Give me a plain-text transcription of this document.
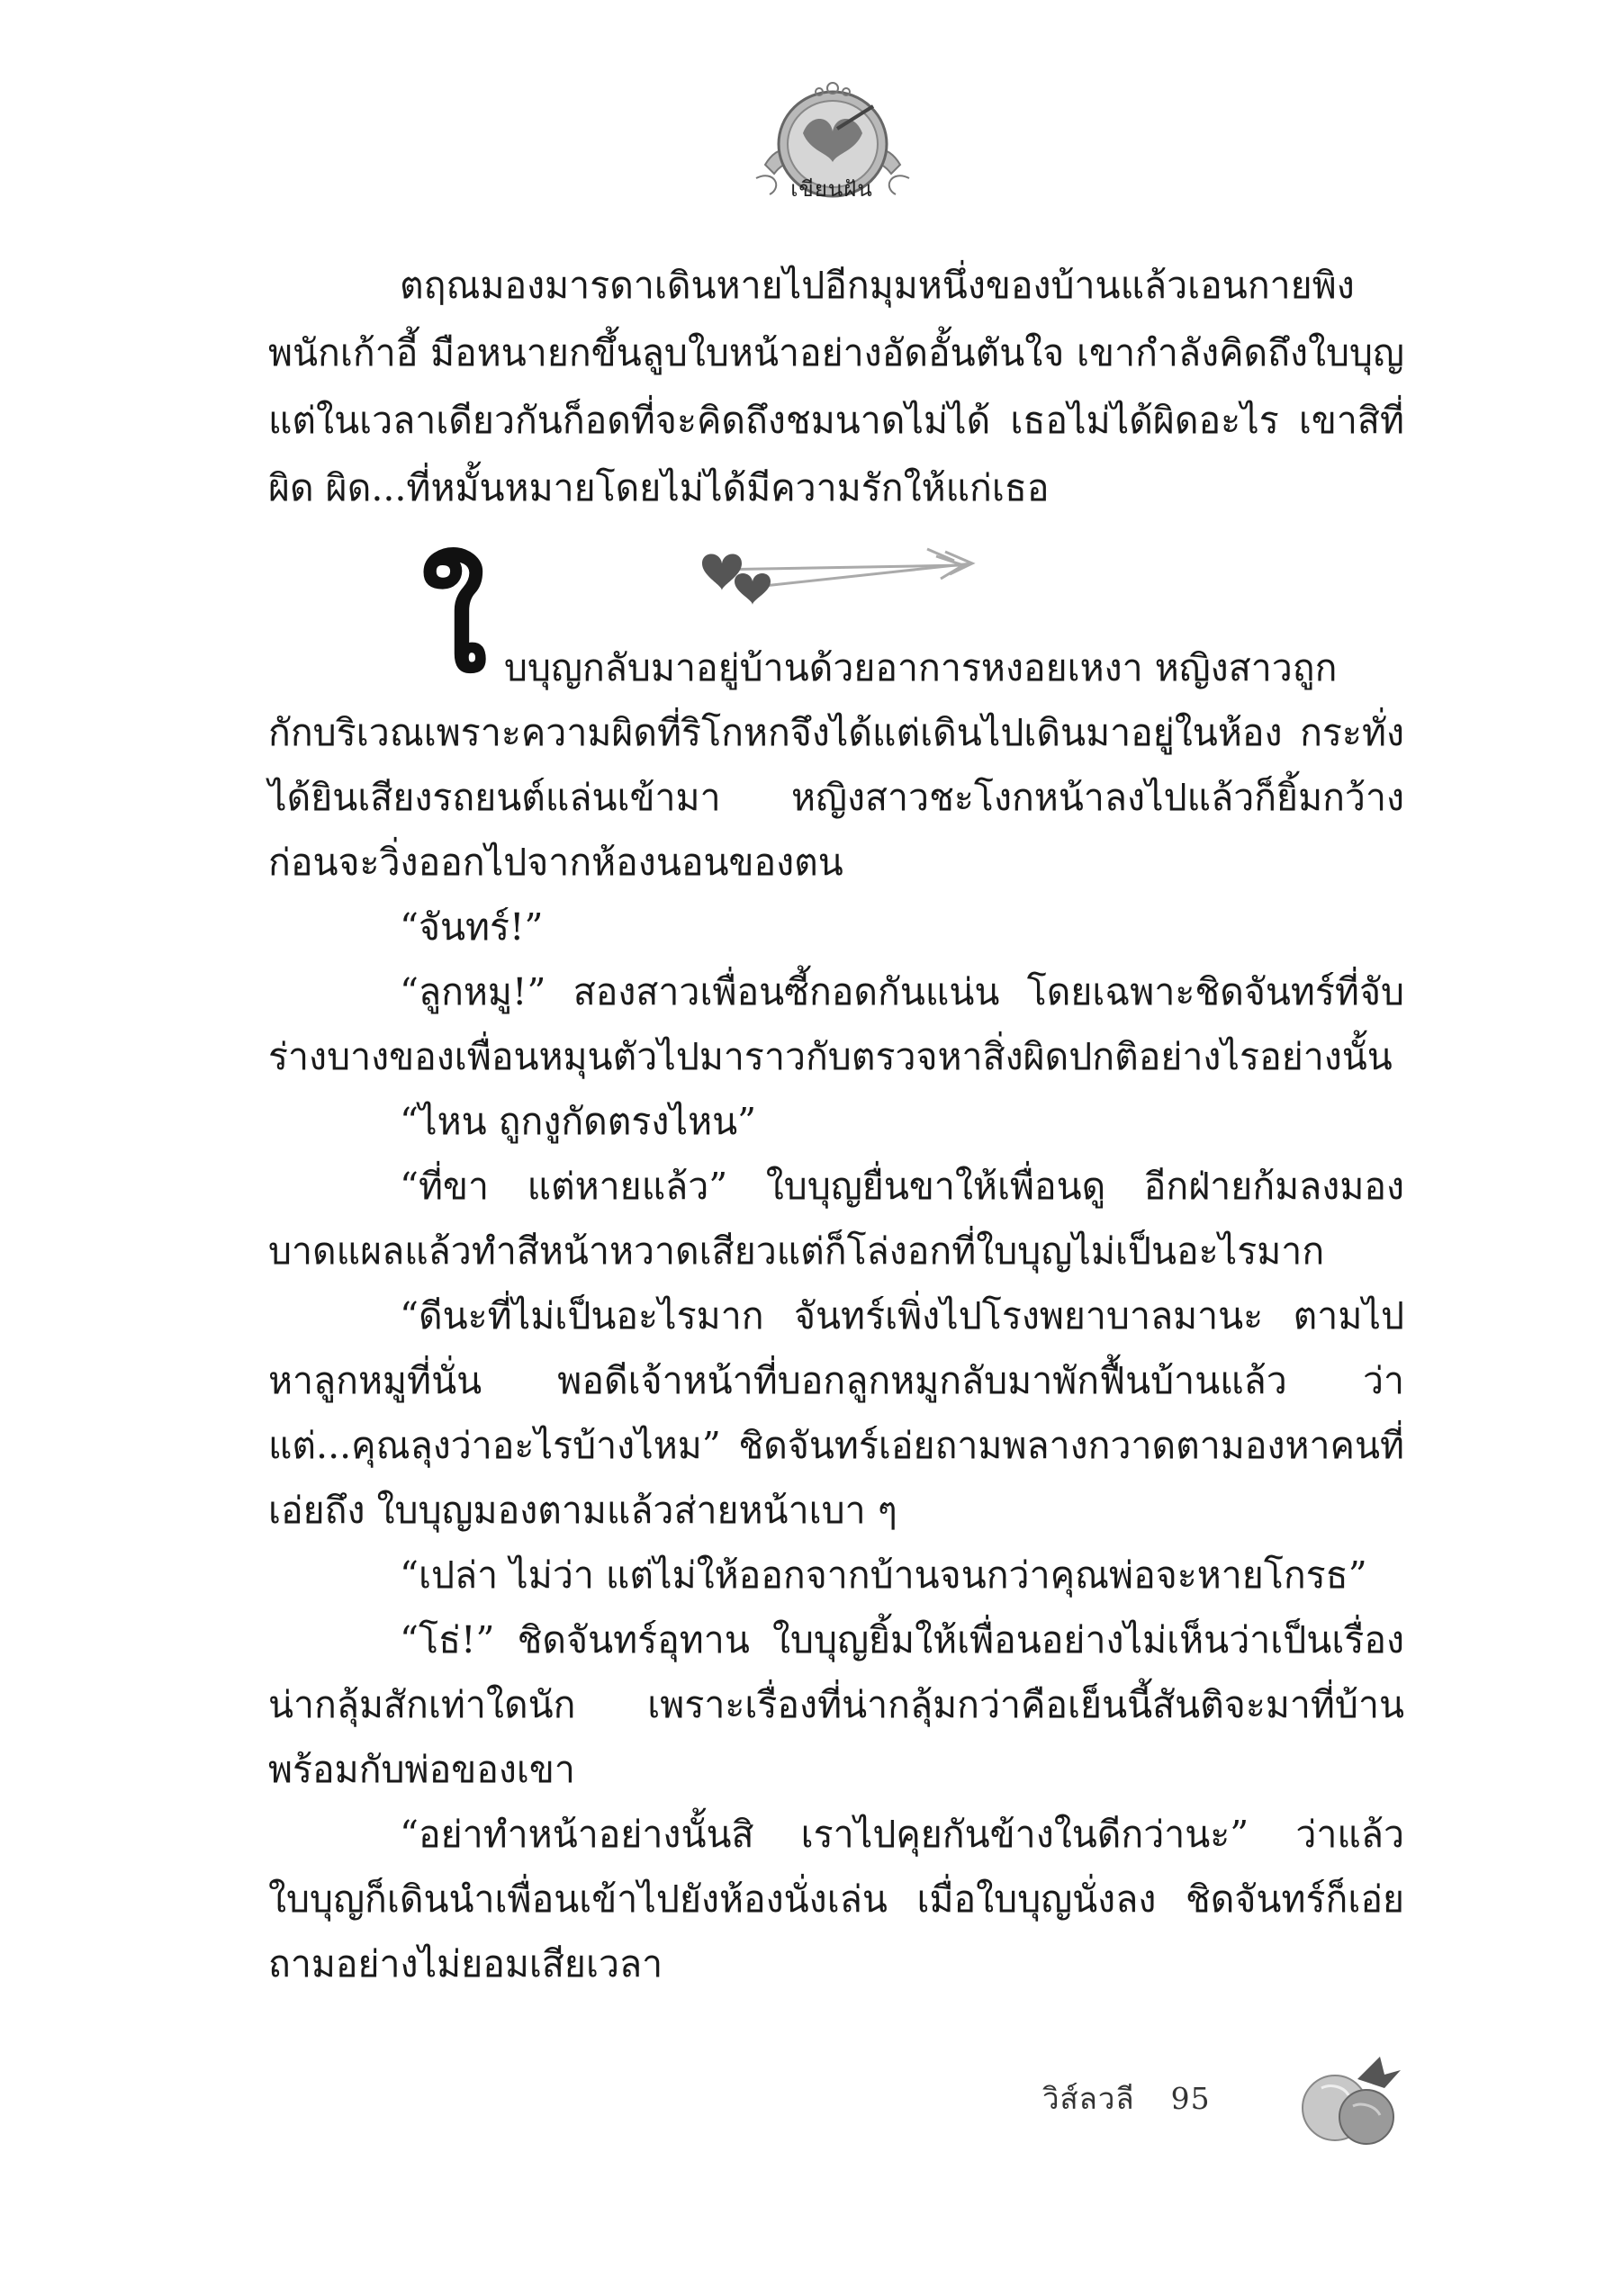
เขียนฝัน

ตฤณมองมารดาเดินหายไปอีกมุมหนึ่งของบ้านแล้วเอนกายพิงพนักเก้าอี้ มือหนายกขึ้นลูบใบหน้าอย่างอัดอั้นตันใจ เขากำลังคิดถึงใบบุญ แต่ในเวลาเดียวกันก็อดที่จะคิดถึงชมนาดไม่ได้ เธอไม่ได้ผิดอะไร เขาสิที่ผิด ผิด...ที่หมั้นหมายโดยไม่ได้มีความรักให้แก่เธอ

ใ บบุญกลับมาอยู่บ้านด้วยอาการหงอยเหงา หญิงสาวถูก

กักบริเวณเพราะความผิดที่ริโกหกจึงได้แต่เดินไปเดินมาอยู่ในห้อง กระทั่งได้ยินเสียงรถยนต์แล่นเข้ามา หญิงสาวชะโงกหน้าลงไปแล้วก็ยิ้มกว้าง ก่อนจะวิ่งออกไปจากห้องนอนของตน

“จันทร์!”

“ลูกหมู!” สองสาวเพื่อนซี้กอดกันแน่น โดยเฉพาะชิดจันทร์ที่จับร่างบางของเพื่อนหมุนตัวไปมาราวกับตรวจหาสิ่งผิดปกติอย่างไรอย่างนั้น

“ไหน ถูกงูกัดตรงไหน”

“ที่ขา แต่หายแล้ว” ใบบุญยื่นขาให้เพื่อนดู อีกฝ่ายก้มลงมองบาดแผลแล้วทำสีหน้าหวาดเสียวแต่ก็โล่งอกที่ใบบุญไม่เป็นอะไรมาก

“ดีนะที่ไม่เป็นอะไรมาก จันทร์เพิ่งไปโรงพยาบาลมานะ ตามไปหาลูกหมูที่นั่น พอดีเจ้าหน้าที่บอกลูกหมูกลับมาพักฟื้นบ้านแล้ว ว่าแต่...คุณลุงว่าอะไรบ้างไหม” ชิดจันทร์เอ่ยถามพลางกวาดตามองหาคนที่เอ่ยถึง ใบบุญมองตามแล้วส่ายหน้าเบา ๆ

“เปล่า ไม่ว่า แต่ไม่ให้ออกจากบ้านจนกว่าคุณพ่อจะหายโกรธ”

“โธ่!” ชิดจันทร์อุทาน ใบบุญยิ้มให้เพื่อนอย่างไม่เห็นว่าเป็นเรื่องน่ากลุ้มสักเท่าใดนัก เพราะเรื่องที่น่ากลุ้มกว่าคือเย็นนี้สันติจะมาที่บ้านพร้อมกับพ่อของเขา

“อย่าทำหน้าอย่างนั้นสิ เราไปคุยกันข้างในดีกว่านะ” ว่าแล้วใบบุญก็เดินนำเพื่อนเข้าไปยังห้องนั่งเล่น เมื่อใบบุญนั่งลง ชิดจันทร์ก็เอ่ยถามอย่างไม่ยอมเสียเวลา

วิส์ลวลี 95
